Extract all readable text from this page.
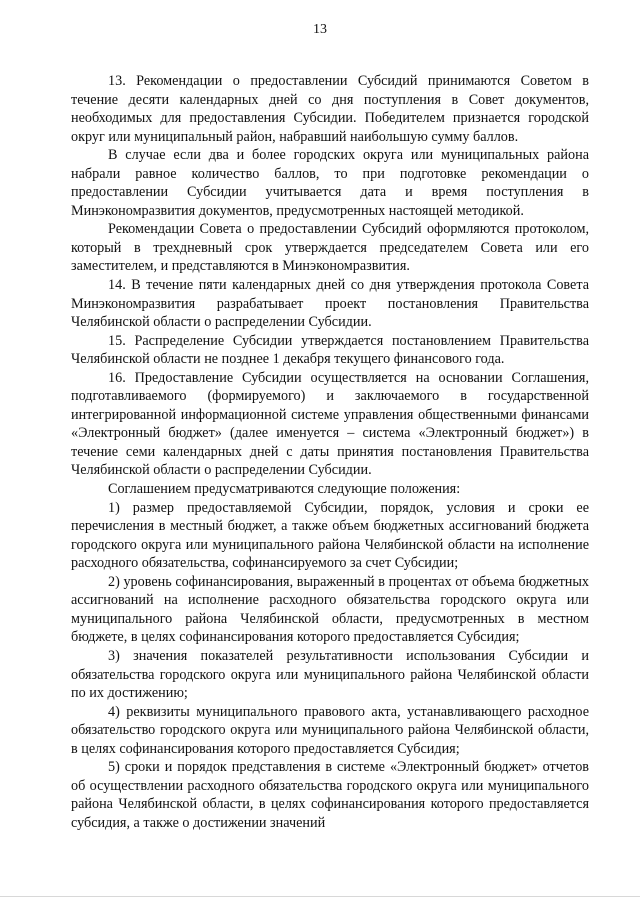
13

13. Рекомендации о предоставлении Субсидий принимаются Советом в течение десяти календарных дней со дня поступления в Совет документов, необходимых для предоставления Субсидии. Победителем признается городской округ или муниципальный район, набравший наибольшую сумму баллов.

В случае если два и более городских округа или муниципальных района набрали равное количество баллов, то при подготовке рекомендации о предоставлении Субсидии учитывается дата и время поступления в Минэкономразвития документов, предусмотренных настоящей методикой.

Рекомендации Совета о предоставлении Субсидий оформляются протоколом, который в трехдневный срок утверждается председателем Совета или его заместителем, и представляются в Минэкономразвития.

14. В течение пяти календарных дней со дня утверждения протокола Совета Минэкономразвития разрабатывает проект постановления Правительства Челябинской области о распределении Субсидии.

15. Распределение Субсидии утверждается постановлением Правительства Челябинской области не позднее 1 декабря текущего финансового года.

16. Предоставление Субсидии осуществляется на основании Соглашения, подготавливаемого (формируемого) и заключаемого в государственной интегрированной информационной системе управления общественными финансами «Электронный бюджет» (далее именуется – система «Электронный бюджет») в течение семи календарных дней с даты принятия постановления Правительства Челябинской области о распределении Субсидии.

Соглашением предусматриваются следующие положения:

1) размер предоставляемой Субсидии, порядок, условия и сроки ее перечисления в местный бюджет, а также объем бюджетных ассигнований бюджета городского округа или муниципального района Челябинской области на исполнение расходного обязательства, софинансируемого за счет Субсидии;

2) уровень софинансирования, выраженный в процентах от объема бюджетных ассигнований на исполнение расходного обязательства городского округа или муниципального района Челябинской области, предусмотренных в местном бюджете, в целях софинансирования которого предоставляется Субсидия;

3) значения показателей результативности использования Субсидии и обязательства городского округа или муниципального района Челябинской области по их достижению;

4) реквизиты муниципального правового акта, устанавливающего расходное обязательство городского округа или муниципального района Челябинской области, в целях софинансирования которого предоставляется Субсидия;

5) сроки и порядок представления в системе «Электронный бюджет» отчетов об осуществлении расходного обязательства городского округа или муниципального района Челябинской области, в целях софинансирования которого предоставляется субсидия, а также о достижении значений
